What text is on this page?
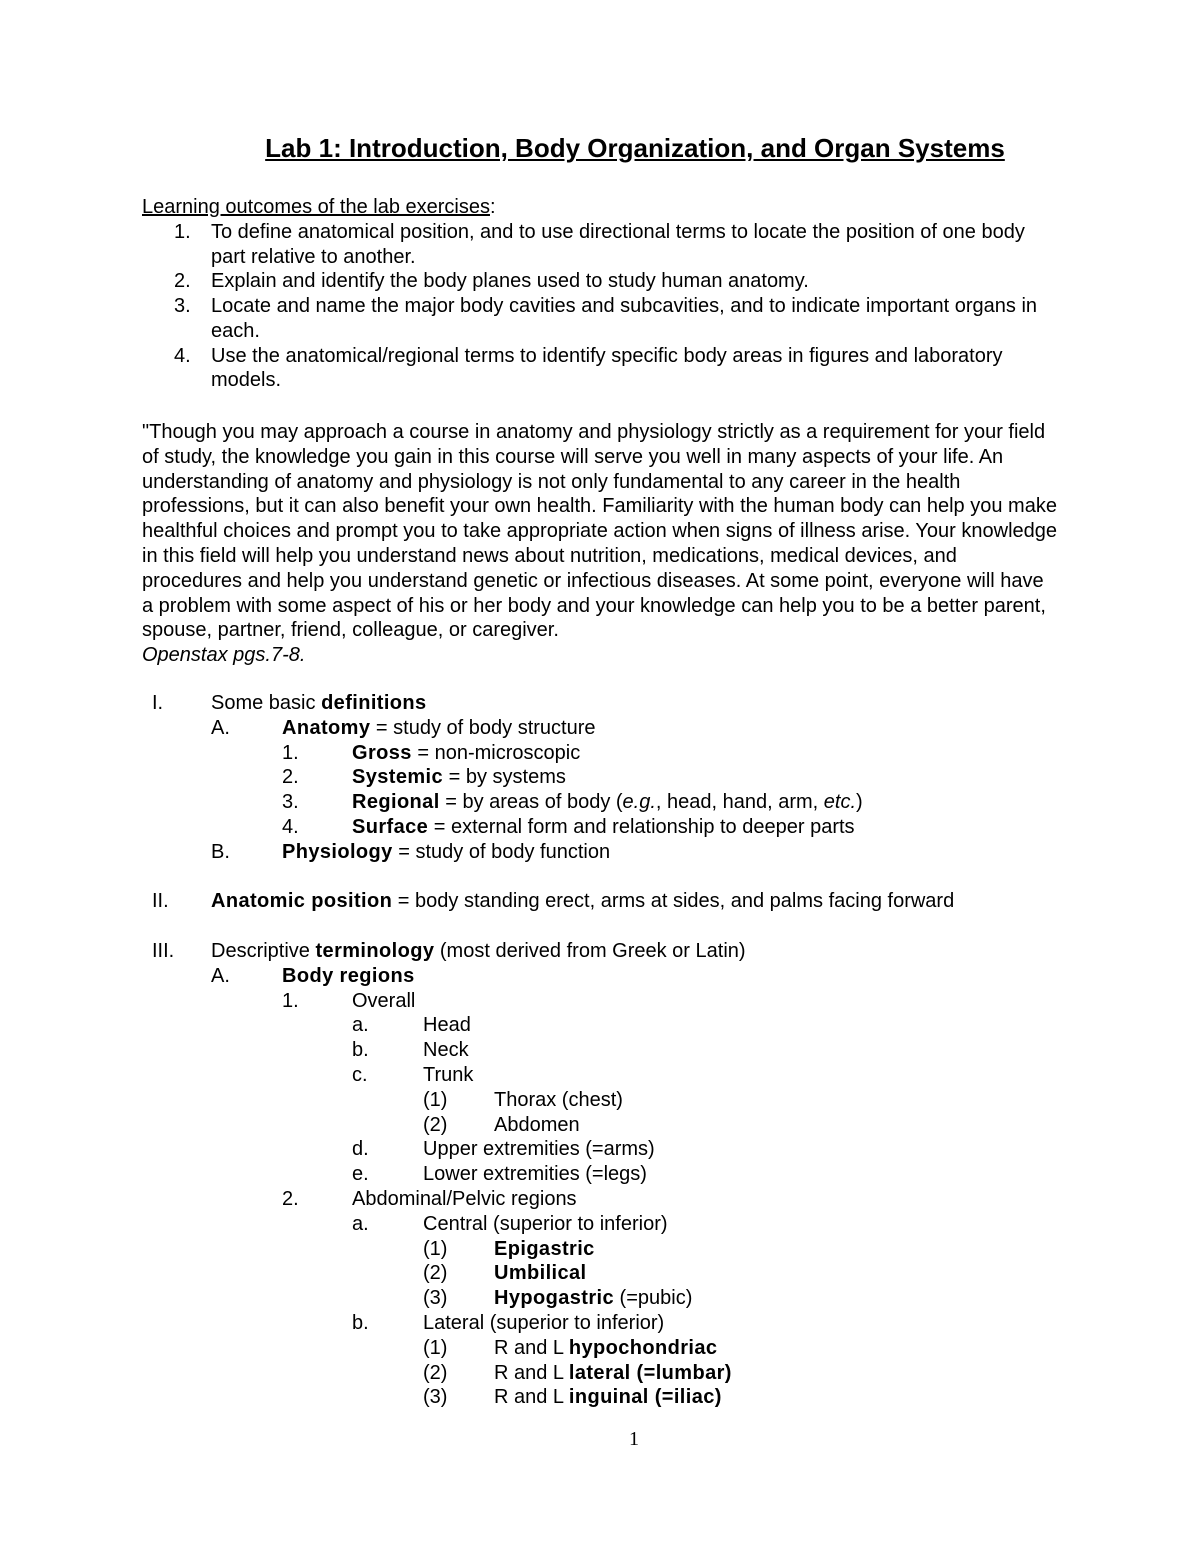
Lab 1: Introduction, Body Organization, and Organ Systems
Learning outcomes of the lab exercises:
1. To define anatomical position, and to use directional terms to locate the position of one body
part relative to another.
2. Explain and identify the body planes used to study human anatomy.
3. Locate and name the major body cavities and subcavities, and to indicate important organs in
each.
4. Use the anatomical/regional terms to identify specific body areas in figures and laboratory
models.
"Though you may approach a course in anatomy and physiology strictly as a requirement for your field
of study, the knowledge you gain in this course will serve you well in many aspects of your life. An
understanding of anatomy and physiology is not only fundamental to any career in the health
professions, but it can also benefit your own health. Familiarity with the human body can help you make
healthful choices and prompt you to take appropriate action when signs of illness arise. Your knowledge
in this field will help you understand news about nutrition, medications, medical devices, and
procedures and help you understand genetic or infectious diseases. At some point, everyone will have
a problem with some aspect of his or her body and your knowledge can help you to be a better parent,
spouse, partner, friend, colleague, or caregiver.
Openstax pgs.7-8.
I. Some basic definitions
A.	Anatomy = study of body structure
1.	Gross = non-microscopic
2.	Systemic = by systems
3.	Regional = by areas of body (e.g., head, hand, arm, etc.)
4.	Surface = external form and relationship to deeper parts
B.	Physiology = study of body function
II. Anatomic position = body standing erect, arms at sides, and palms facing forward
III. Descriptive terminology (most derived from Greek or Latin)
A.	Body regions
1.	Overall
a.	Head
b.	Neck
c.	Trunk
(1) Thorax (chest)
(2) Abdomen
d.	Upper extremities (=arms)
e.	Lower extremities (=legs)
2.	Abdominal/Pelvic regions
a.	Central (superior to inferior)
(1) Epigastric
(2) Umbilical
(3) Hypogastric (=pubic)
b.	Lateral (superior to inferior)
(1) R and L hypochondriac
(2) R and L lateral (=lumbar)
(3) R and L inguinal (=iliac)
1
